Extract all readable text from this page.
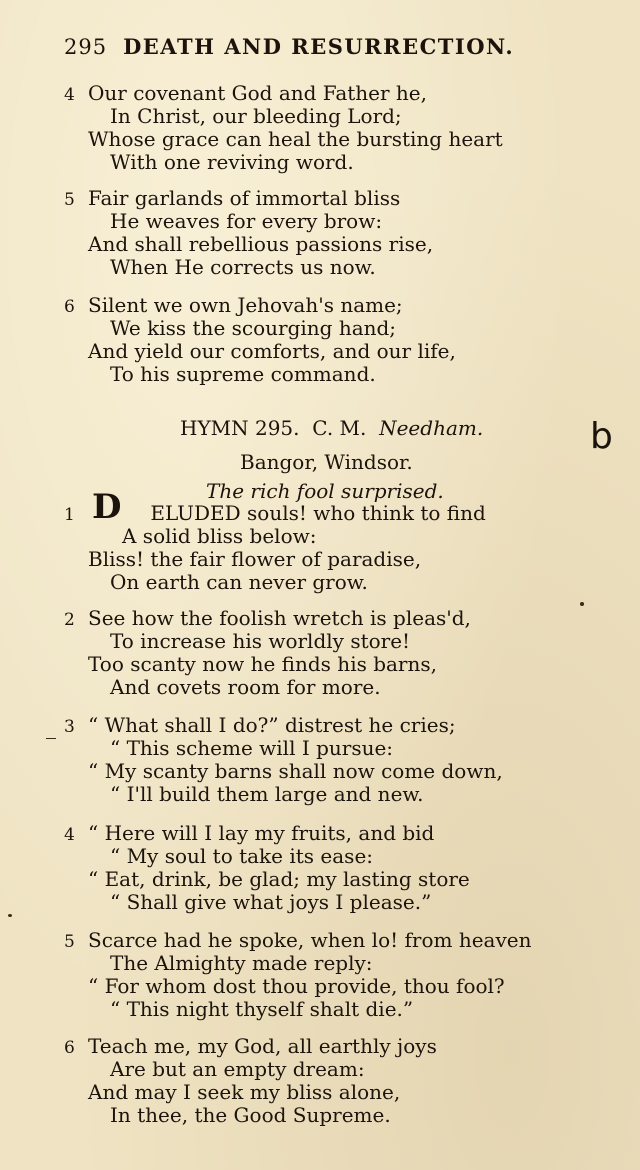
295 DEATH AND RESURRECTION.
4 Our covenant God and Father he,
In Christ, our bleeding Lord;
Whose grace can heal the bursting heart
With one reviving word.
5 Fair garlands of immortal bliss
He weaves for every brow:
And shall rebellious passions rise,
When He corrects us now.
6 Silent we own Jehovah's name;
We kiss the scourging hand;
And yield our comforts, and our life,
To his supreme command.
HYMN 295. C. M. Needham.	b
Bangor, Windsor.
The rich fool surprised.
1 D ELUDED souls! who think to find
A solid bliss below:
Bliss! the fair flower of paradise,
On earth can never grow.
2 See how the foolish wretch is pleas'd,
To increase his worldly store!
Too scanty now he finds his barns,
And covets room for more.
3 “ What shall I do?” distrest he cries;
“ This scheme will I pursue:
“ My scanty barns shall now come down,
“ I'll build them large and new.
4 “ Here will I lay my fruits, and bid
“ My soul to take its ease:
“ Eat, drink, be glad; my lasting store
“ Shall give what joys I please.”
5 Scarce had he spoke, when lo! from heaven
The Almighty made reply:
“ For whom dost thou provide, thou fool?
“ This night thyself shalt die.”
6 Teach me, my God, all earthly joys
Are but an empty dream:
And may I seek my bliss alone,
In thee, the Good Supreme.
